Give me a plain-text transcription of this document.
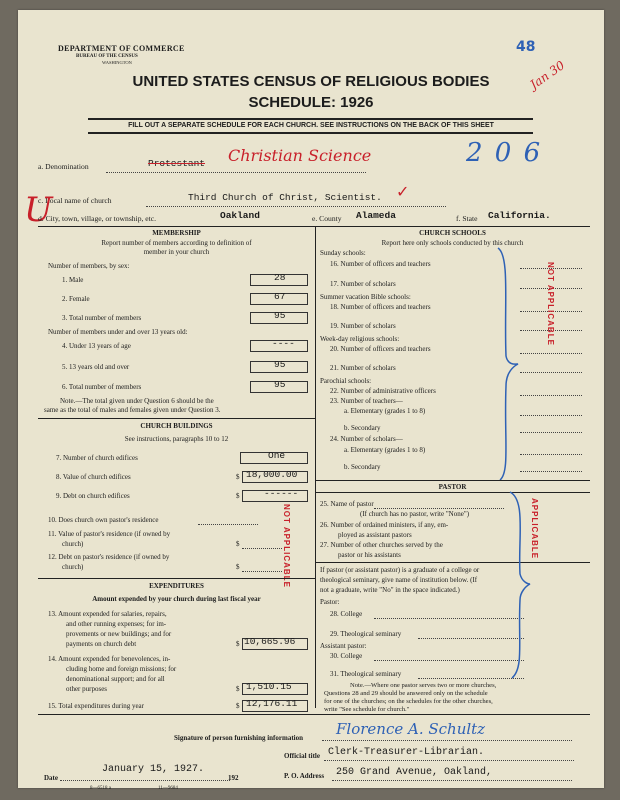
DEPARTMENT OF COMMERCE
BUREAU OF THE CENSUS
WASHINGTON
48
Jan 30
UNITED STATES CENSUS OF RELIGIOUS BODIES
SCHEDULE: 1926
FILL OUT A SEPARATE SCHEDULE FOR EACH CHURCH. SEE INSTRUCTIONS ON THE BACK OF THIS SHEET
a. Denomination	Protestant Christian Science	2 0 6
c. Local name of church	Third Church of Christ, Scientist. ✓
U
d. City, town, village, or township, etc.	Oakland	e. County Alameda	f. State California.
MEMBERSHIP
Report number of members according to definition of
member in your church
Number of members, by sex:
1. Male	28
2. Female	67
3. Total number of members	95
Number of members under and over 13 years old:
4. Under 13 years of age	----
5. 13 years old and over	95
6. Total number of members	95
Note.—The total given under Question 6 should be the
same as the total of males and females given under Question 3.
CHURCH BUILDINGS
See instructions, paragraphs 10 to 12
7. Number of church edifices	One
8. Value of church edifices	$ 18,000.00
9. Debt on church edifices	$	------
10. Does church own pastor's residence
11. Value of pastor's residence (if owned by
church)	$
12. Debt on pastor's residence (if owned by
church)	$	NOT APPLICABLE
EXPENDITURES
Amount expended by your church during last fiscal year
13. Amount expended for salaries, repairs,
and other running expenses; for im-
provements or new buildings; and for
payments on church debt	$ 10,665.96
14. Amount expended for benevolences, in-
cluding home and foreign missions; for
denominational support; and for all
other purposes	$ 1,510.15
15. Total expenditures during year	$ 12,176.11
CHURCH SCHOOLS
Report here only schools conducted by this church
Sunday schools:
16. Number of officers and teachers
17. Number of scholars
Summer vacation Bible schools:
18. Number of officers and teachers
19. Number of scholars
Week-day religious schools:
20. Number of officers and teachers
21. Number of scholars
Parochial schools:
22. Number of administrative officers
23. Number of teachers—
a. Elementary (grades 1 to 8)
b. Secondary
24. Number of scholars—
a. Elementary (grades 1 to 8)
b. Secondary
NOT APPLICABLE
PASTOR
25. Name of pastor
(If church has no pastor, write "None")
26. Number of ordained ministers, if any, em-
ployed as assistant pastors
27. Number of other churches served by the
pastor or his assistants
If pastor (or assistant pastor) is a graduate of a college or
theological seminary, give name of institution below. (If
not a graduate, write "No" in the space indicated.)
Pastor:
28. College
29. Theological seminary
Assistant pastor:
30. College
31. Theological seminary
Note.—Where one pastor serves two or more churches,
Questions 28 and 29 should be answered only on the schedule
for one of the churches; on the schedules for the other churches,
write "See schedule for church."
APPLICABLE
Signature of person furnishing information Florence A. Schultz
Official title Clerk-Treasurer-Librarian.
Date
January 15, 1927.
192	P. O. Address 250 Grand Avenue, Oakland,
8—6518 a	11—9684
